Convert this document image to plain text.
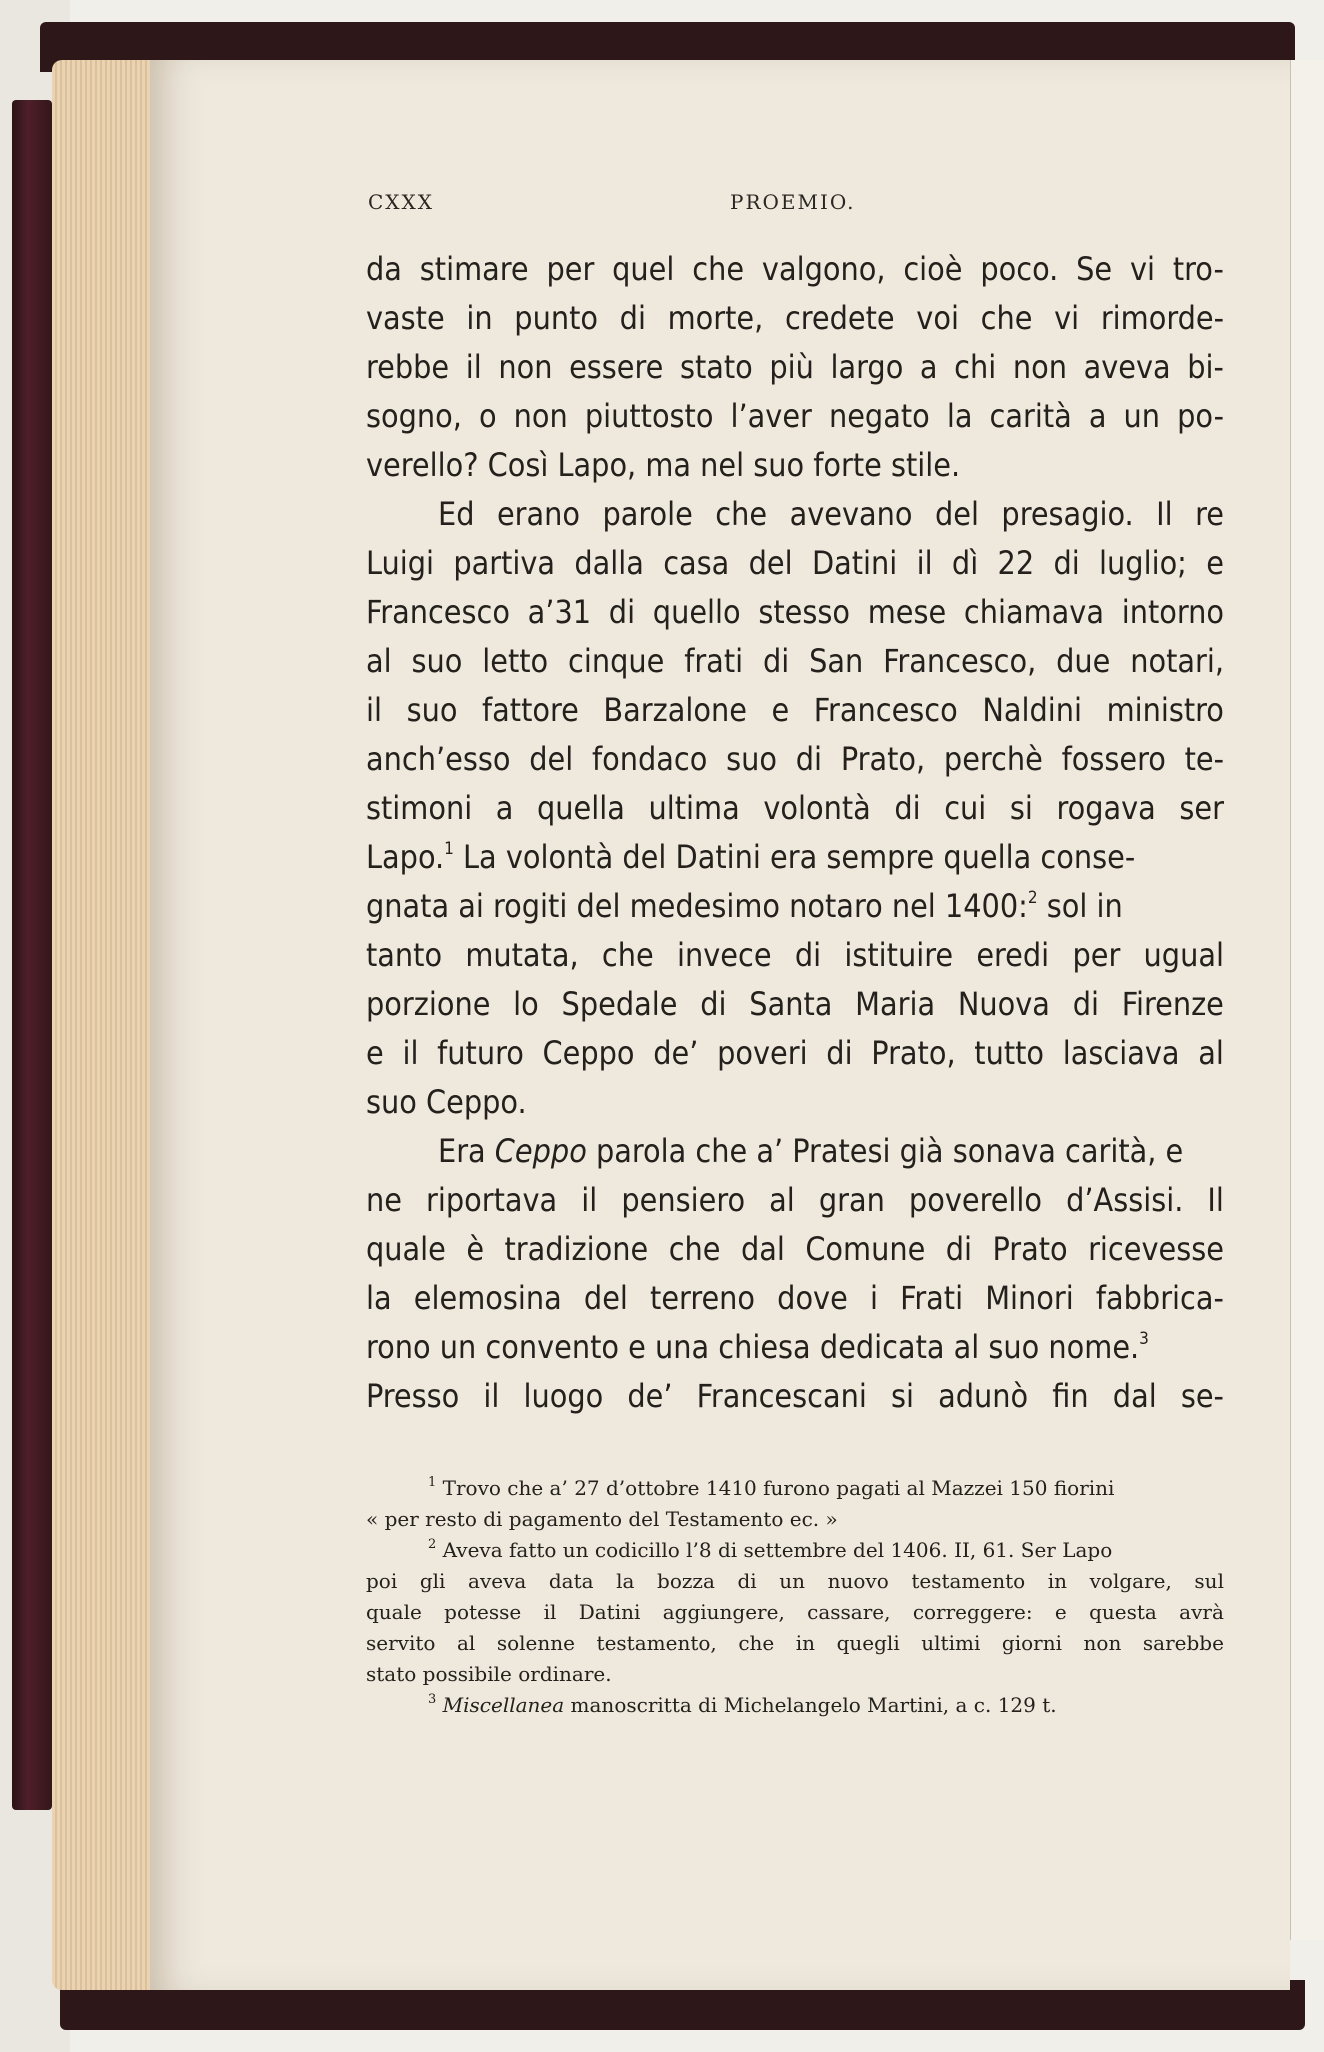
CXXX	PROEMIO.
da stimare per quel che valgono, cioè poco. Se vi tro-
vaste in punto di morte, credete voi che vi rimorde-
rebbe il non essere stato più largo a chi non aveva bi-
sogno, o non piuttosto l’aver negato la carità a un po-
verello? Così Lapo, ma nel suo forte stile.
Ed erano parole che avevano del presagio. Il re
Luigi partiva dalla casa del Datini il dì 22 di luglio; e
Francesco a’31 di quello stesso mese chiamava intorno
al suo letto cinque frati di San Francesco, due notari,
il suo fattore Barzalone e Francesco Naldini ministro
anch’esso del fondaco suo di Prato, perchè fossero te-
stimoni a quella ultima volontà di cui si rogava ser
Lapo.$^1$ La volontà del Datini era sempre quella conse-
gnata ai rogiti del medesimo notaro nel 1400:$^2$ sol in
tanto mutata, che invece di istituire eredi per ugual
porzione lo Spedale di Santa Maria Nuova di Firenze
e il futuro Ceppo de’ poveri di Prato, tutto lasciava al
suo Ceppo.
Era Ceppo parola che a’ Pratesi già sonava carità, e
ne riportava il pensiero al gran poverello d’Assisi. Il
quale è tradizione che dal Comune di Prato ricevesse
la elemosina del terreno dove i Frati Minori fabbrica-
rono un convento e una chiesa dedicata al suo nome.$^3$
Presso il luogo de’ Francescani si adunò fin dal se-
$^1$ Trovo che a’ 27 d’ottobre 1410 furono pagati al Mazzei 150 fiorini
« per resto di pagamento del Testamento ec. »
$^2$ Aveva fatto un codicillo l’8 di settembre del 1406. II, 61. Ser Lapo
poi gli aveva data la bozza di un nuovo testamento in volgare, sul
quale potesse il Datini aggiungere, cassare, correggere: e questa avrà
servito al solenne testamento, che in quegli ultimi giorni non sarebbe
stato possibile ordinare.
$^3$ Miscellanea manoscritta di Michelangelo Martini, a c. 129 t.
